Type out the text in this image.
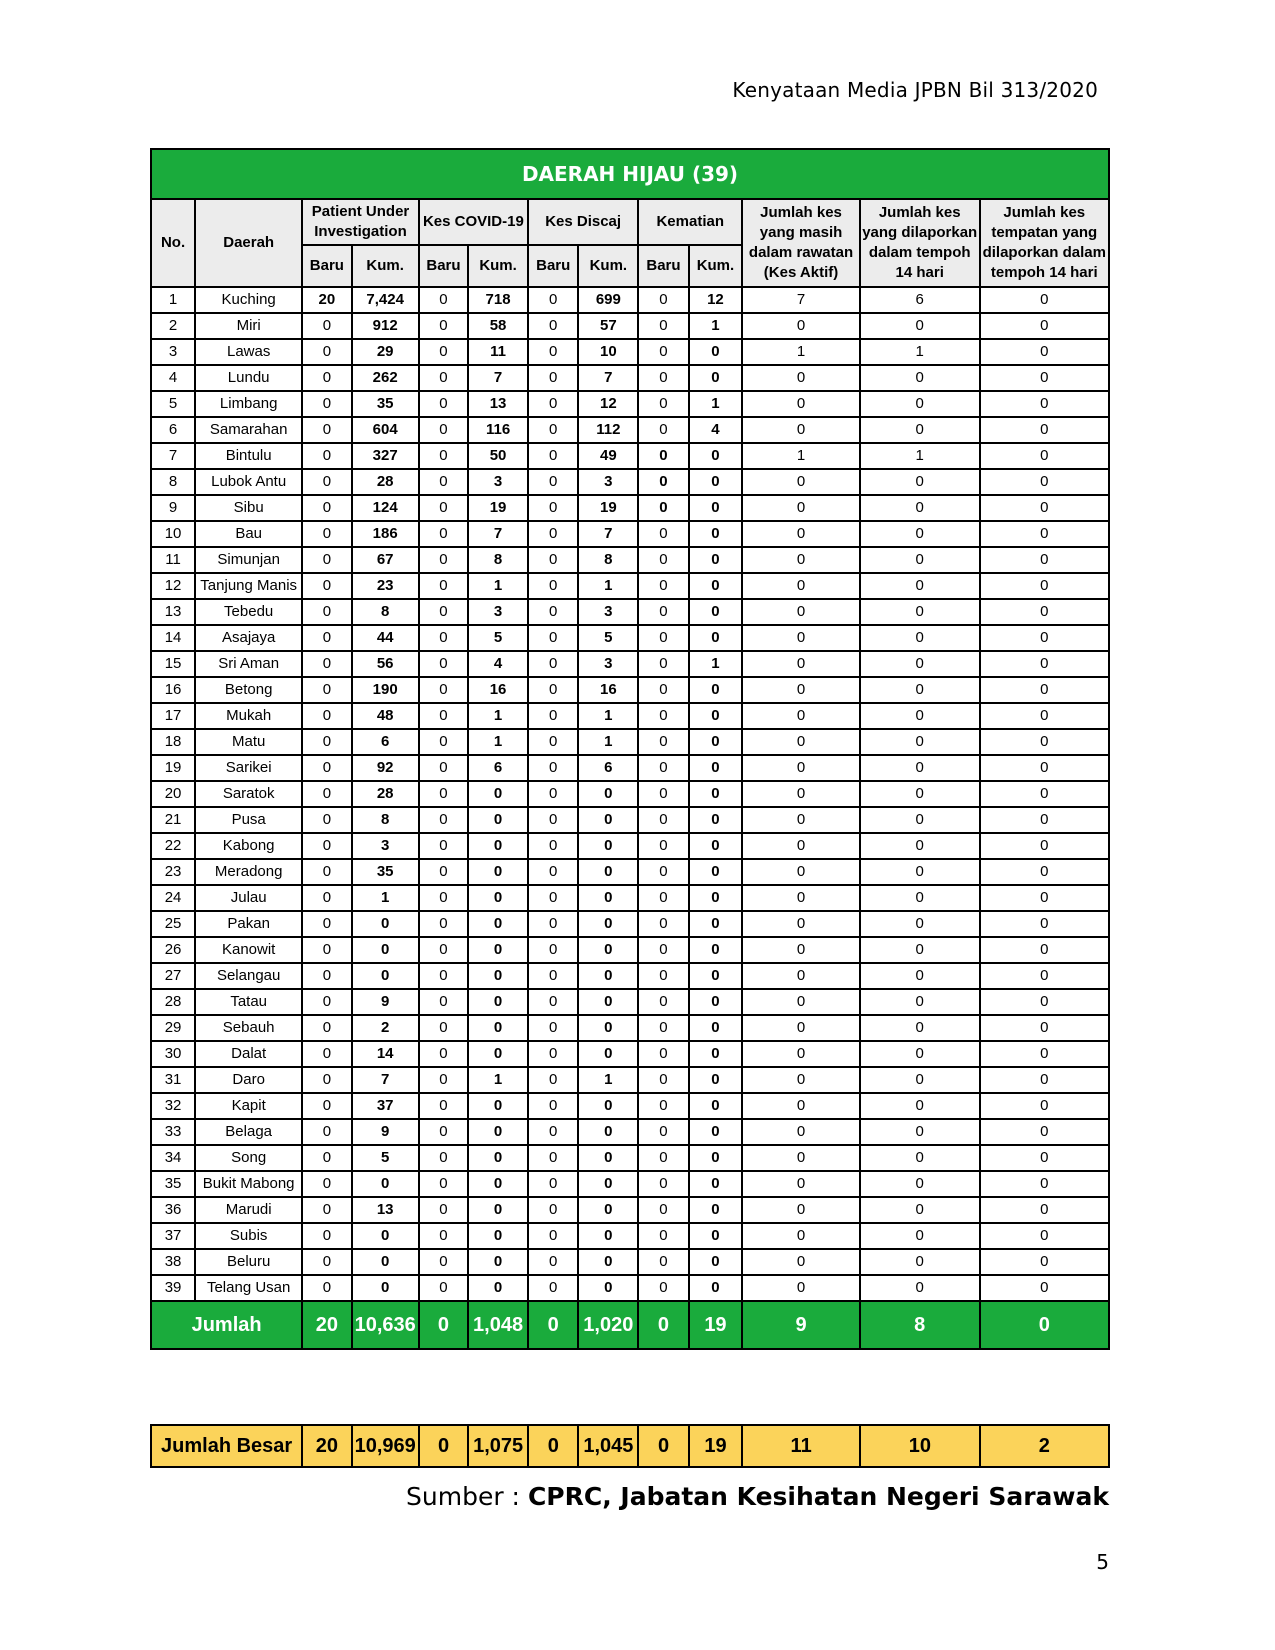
Kenyataan Media JPBN Bil 313/2020
DAERAH HIJAU (39)												
No.	Daerah	Patient Under Investigation		Kes COVID-19		Kes Discaj		Kematian		Jumlah kes yang masih dalam rawatan (Kes Aktif)	Jumlah kes yang dilaporkan dalam tempoh 14 hari	Jumlah kes tempatan yang dilaporkan dalam tempoh 14 hari
		Baru	Kum.	Baru	Kum.	Baru	Kum.	Baru	Kum.			
1	Kuching	20	7,424	0	718	0	699	0	12	7	6	0
2	Miri	0	912	0	58	0	57	0	1	0	0	0
3	Lawas	0	29	0	11	0	10	0	0	1	1	0
4	Lundu	0	262	0	7	0	7	0	0	0	0	0
5	Limbang	0	35	0	13	0	12	0	1	0	0	0
6	Samarahan	0	604	0	116	0	112	0	4	0	0	0
7	Bintulu	0	327	0	50	0	49	0	0	1	1	0
8	Lubok Antu	0	28	0	3	0	3	0	0	0	0	0
9	Sibu	0	124	0	19	0	19	0	0	0	0	0
10	Bau	0	186	0	7	0	7	0	0	0	0	0
11	Simunjan	0	67	0	8	0	8	0	0	0	0	0
12	Tanjung Manis	0	23	0	1	0	1	0	0	0	0	0
13	Tebedu	0	8	0	3	0	3	0	0	0	0	0
14	Asajaya	0	44	0	5	0	5	0	0	0	0	0
15	Sri Aman	0	56	0	4	0	3	0	1	0	0	0
16	Betong	0	190	0	16	0	16	0	0	0	0	0
17	Mukah	0	48	0	1	0	1	0	0	0	0	0
18	Matu	0	6	0	1	0	1	0	0	0	0	0
19	Sarikei	0	92	0	6	0	6	0	0	0	0	0
20	Saratok	0	28	0	0	0	0	0	0	0	0	0
21	Pusa	0	8	0	0	0	0	0	0	0	0	0
22	Kabong	0	3	0	0	0	0	0	0	0	0	0
23	Meradong	0	35	0	0	0	0	0	0	0	0	0
24	Julau	0	1	0	0	0	0	0	0	0	0	0
25	Pakan	0	0	0	0	0	0	0	0	0	0	0
26	Kanowit	0	0	0	0	0	0	0	0	0	0	0
27	Selangau	0	0	0	0	0	0	0	0	0	0	0
28	Tatau	0	9	0	0	0	0	0	0	0	0	0
29	Sebauh	0	2	0	0	0	0	0	0	0	0	0
30	Dalat	0	14	0	0	0	0	0	0	0	0	0
31	Daro	0	7	0	1	0	1	0	0	0	0	0
32	Kapit	0	37	0	0	0	0	0	0	0	0	0
33	Belaga	0	9	0	0	0	0	0	0	0	0	0
34	Song	0	5	0	0	0	0	0	0	0	0	0
35	Bukit Mabong	0	0	0	0	0	0	0	0	0	0	0
36	Marudi	0	13	0	0	0	0	0	0	0	0	0
37	Subis	0	0	0	0	0	0	0	0	0	0	0
38	Beluru	0	0	0	0	0	0	0	0	0	0	0
39	Telang Usan	0	0	0	0	0	0	0	0	0	0	0
Jumlah		20	10,636	0	1,048	0	1,020	0	19	9	8	0
Jumlah Besar	20	10,969	0	1,075	0	1,045	0	19	11	10	2
Sumber : CPRC, Jabatan Kesihatan Negeri Sarawak
5
